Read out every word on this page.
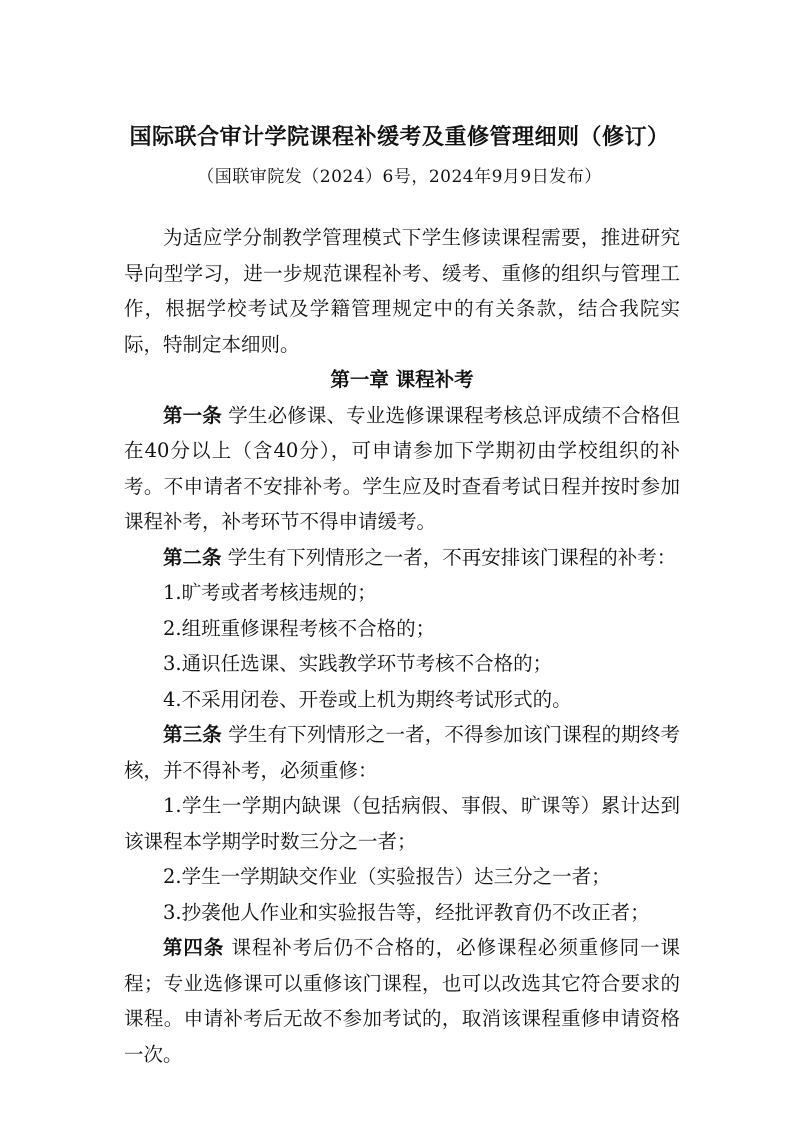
国际联合审计学院课程补缓考及重修管理细则（修订）

（国联审院发（2024）6号，2024年9月9日发布）

为适应学分制教学管理模式下学生修读课程需要，推进研究导向型学习，进一步规范课程补考、缓考、重修的组织与管理工作，根据学校考试及学籍管理规定中的有关条款，结合我院实际，特制定本细则。

第一章 课程补考

第一条 学生必修课、专业选修课课程考核总评成绩不合格但在40分以上（含40分），可申请参加下学期初由学校组织的补考。不申请者不安排补考。学生应及时查看考试日程并按时参加课程补考，补考环节不得申请缓考。

第二条 学生有下列情形之一者，不再安排该门课程的补考：

1.旷考或者考核违规的；

2.组班重修课程考核不合格的；

3.通识任选课、实践教学环节考核不合格的；

4.不采用闭卷、开卷或上机为期终考试形式的。

第三条 学生有下列情形之一者，不得参加该门课程的期终考核，并不得补考，必须重修：

1.学生一学期内缺课（包括病假、事假、旷课等）累计达到该课程本学期学时数三分之一者；

2.学生一学期缺交作业（实验报告）达三分之一者；

3.抄袭他人作业和实验报告等，经批评教育仍不改正者；

第四条 课程补考后仍不合格的，必修课程必须重修同一课程；专业选修课可以重修该门课程，也可以改选其它符合要求的课程。申请补考后无故不参加考试的，取消该课程重修申请资格一次。
